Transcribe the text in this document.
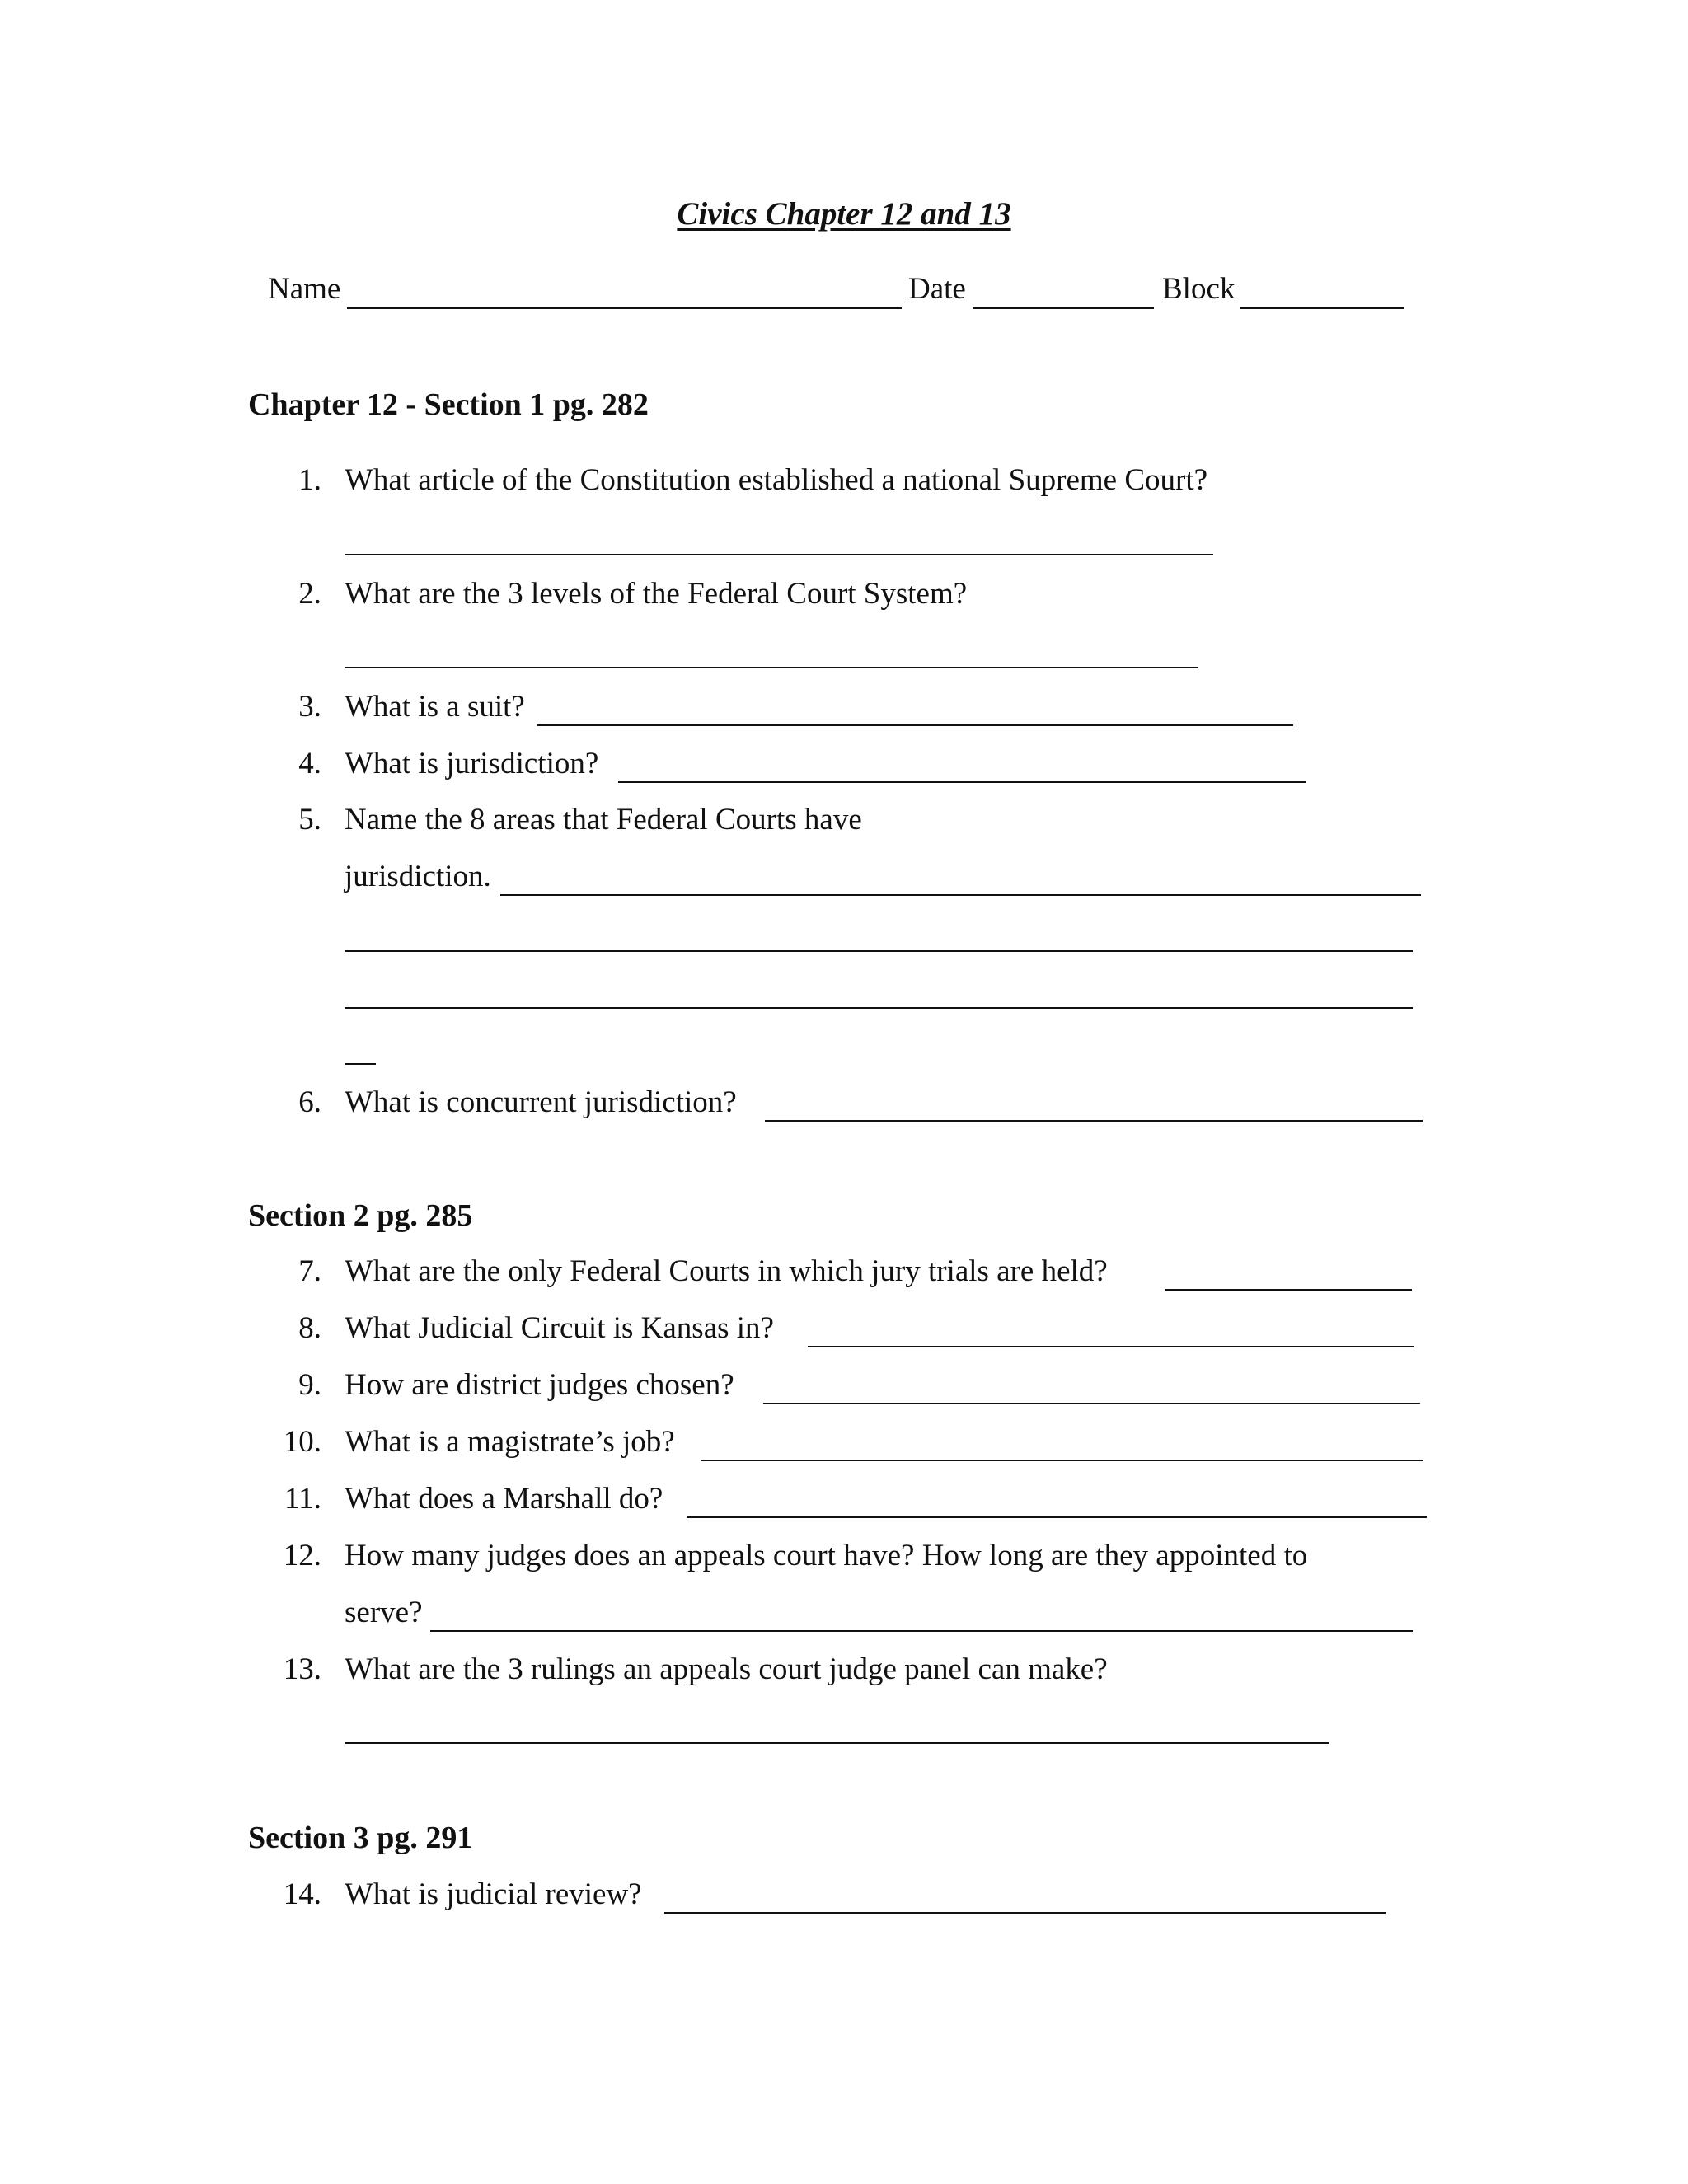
Civics Chapter 12 and 13
Name	Date	Block
Chapter 12 - Section 1 pg. 282
1. What article of the Constitution established a national Supreme Court?
2. What are the 3 levels of the Federal Court System?
3. What is a suit?
4. What is jurisdiction?
5. Name the 8 areas that Federal Courts have
jurisdiction.
6. What is concurrent jurisdiction?
Section 2 pg. 285
7. What are the only Federal Courts in which jury trials are held?
8. What Judicial Circuit is Kansas in?
9. How are district judges chosen?
10. What is a magistrate’s job?
11. What does a Marshall do?
12. How many judges does an appeals court have? How long are they appointed to
serve?
13. What are the 3 rulings an appeals court judge panel can make?
Section 3 pg. 291
14. What is judicial review?
